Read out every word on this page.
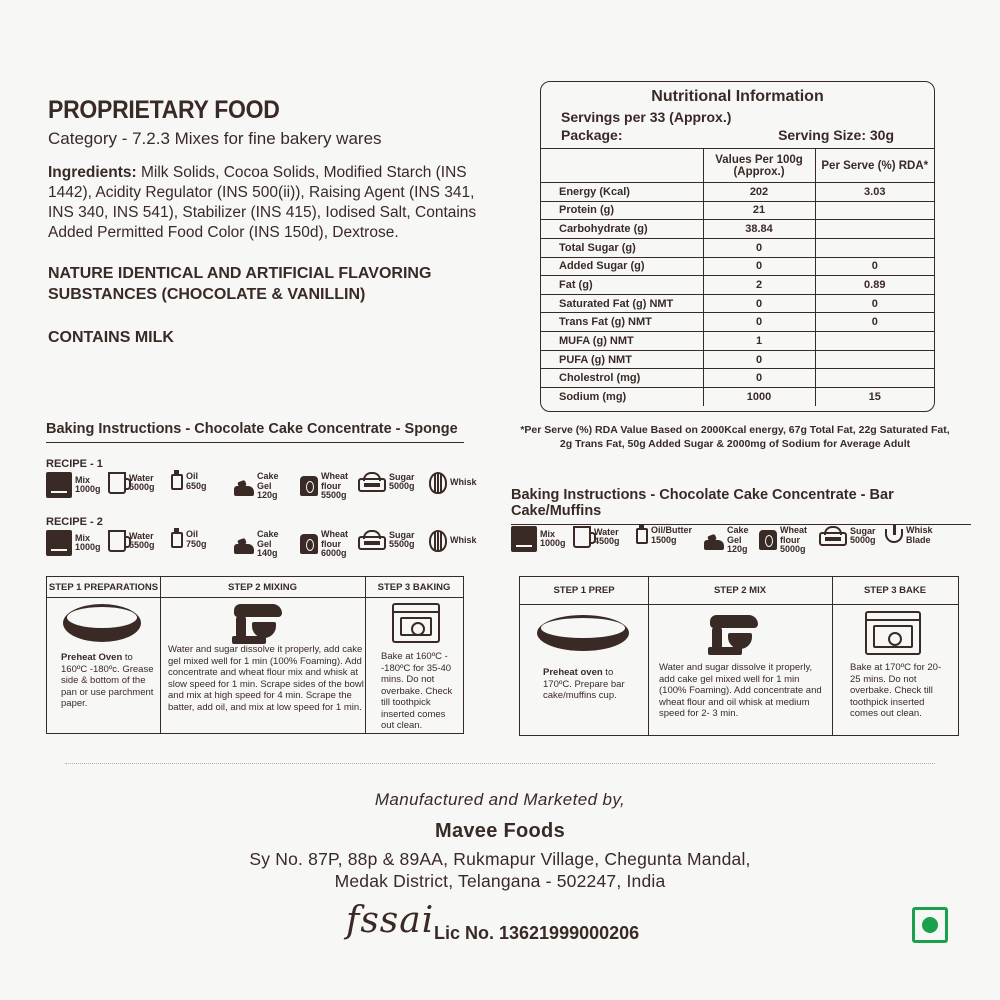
PROPRIETARY FOOD
Category - 7.2.3 Mixes for fine bakery wares
Ingredients: Milk Solids, Cocoa Solids, Modified Starch (INS 1442), Acidity Regulator (INS 500(ii)), Raising Agent (INS 341, INS 340, INS 541), Stabilizer (INS 415), Iodised Salt, Contains Added Permitted Food Color (INS 150d), Dextrose.
NATURE IDENTICAL AND ARTIFICIAL FLAVORING SUBSTANCES (CHOCOLATE & VANILLIN)
CONTAINS MILK
Nutritional Information
Servings per 33 (Approx.)
Package:	Serving Size: 30g
	Values Per 100g (Approx.)	Per Serve (%) RDA*
Energy (Kcal)	202	3.03
Protein (g)	21	
Carbohydrate (g)	38.84	
Total Sugar (g)	0	
Added Sugar (g)	0	0
Fat (g)	2	0.89
Saturated Fat (g) NMT	0	0
Trans Fat (g) NMT	0	0
MUFA (g) NMT	1	
PUFA (g) NMT	0	
Cholestrol (mg)	0	
Sodium (mg)	1000	15
*Per Serve (%) RDA Value Based on 2000Kcal energy, 67g Total Fat, 22g Saturated Fat, 2g Trans Fat, 50g Added Sugar & 2000mg of Sodium for Average Adult
Baking Instructions - Chocolate Cake Concentrate - Sponge
RECIPE - 1
Mix
1000g
Water
5000g
Oil
650g
Cake
Gel
120g
Wheat
flour
5500g
Sugar
5000g	Whisk
RECIPE - 2
Mix
1000g
Water
5500g
Oil
750g
Cake
Gel
140g
Wheat
flour
6000g
Sugar
5500g	Whisk
STEP 1 PREPARATIONS	STEP 2 MIXING	STEP 3 BAKING
Preheat Oven to 160ºC -180ºc. Grease side & bottom of the pan or use parchment paper.
Water and sugar dissolve it properly, add cake gel mixed well for 1 min (100% Foaming). Add concentrate and wheat flour mix and whisk at slow speed for 1 min. Scrape sides of the bowl and mix at high speed for 4 min. Scrape the batter, add oil, and mix at low speed for 1 min.
Bake at 160ºC - -180ºC for 35-40 mins. Do not overbake. Check till toothpick inserted comes out clean.
Baking Instructions - Chocolate Cake Concentrate - Bar Cake/Muffins
Mix
1000g
Water
4500g
Oil/Butter
1500g
Cake
Gel
120g
Wheat
flour
5000g
Sugar
5000g
Whisk
Blade
STEP 1 PREP	STEP 2 MIX	STEP 3 BAKE
Preheat oven to 170ºC. Prepare bar cake/muffins cup.
Water and sugar dissolve it properly, add cake gel mixed well for 1 min (100% Foaming). Add concentrate and wheat flour and oil whisk at medium speed for 2- 3 min.
Bake at 170ºC for 20-25 mins. Do not overbake. Check till toothpick inserted comes out clean.
Manufactured and Marketed by,
Mavee Foods
Sy No. 87P, 88p & 89AA, Rukmapur Village, Chegunta Mandal,
Medak District, Telangana - 502247, India
fssai Lic No. 13621999000206
